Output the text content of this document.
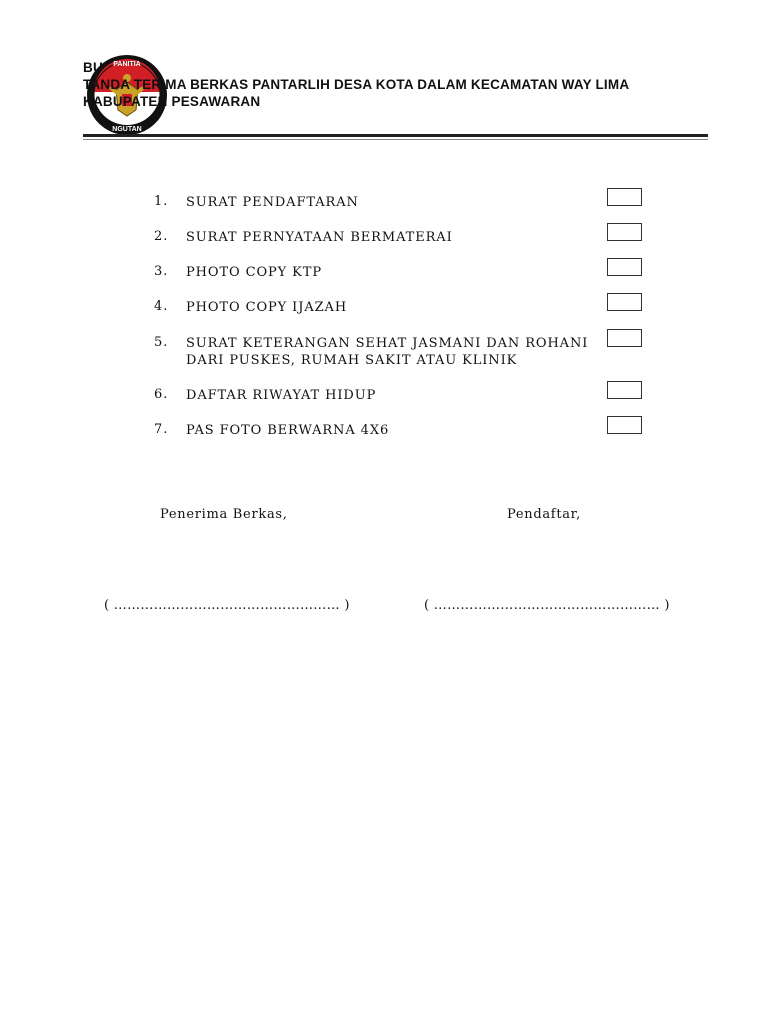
PANITIA
NGUTAN
BU
TANDA TERIMA BERKAS PANTARLIH DESA KOTA DALAM KECAMATAN WAY LIMA
KABUPATEN PESAWARAN
1. SURAT PENDAFTARAN
2. SURAT PERNYATAAN BERMATERAI
3. PHOTO COPY KTP
4. PHOTO COPY IJAZAH
5. SURAT KETERANGAN SEHAT JASMANI DAN ROHANI DARI PUSKES, RUMAH SAKIT ATAU KLINIK
6. DAFTAR RIWAYAT HIDUP
7. PAS FOTO BERWARNA 4X6
Penerima Berkas,	Pendaftar,
( …………………………………………… )	( …………………………………………… )
